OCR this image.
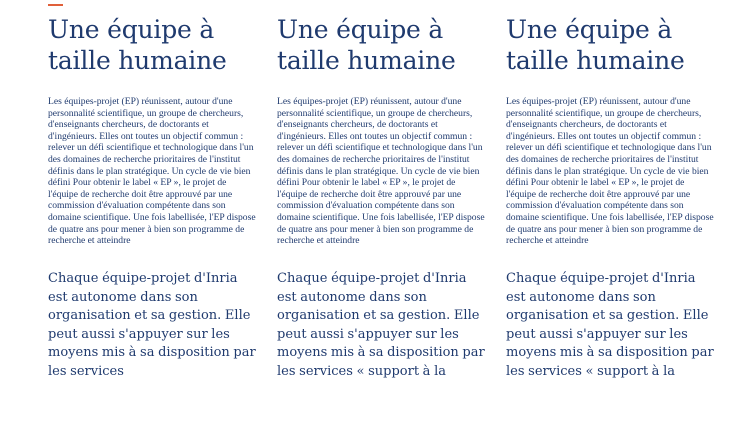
Une équipe à taille humaine

Les équipes-projet (EP) réunissent, autour d'une personnalité scientifique, un groupe de chercheurs, d'enseignants chercheurs, de doctorants et d'ingénieurs. Elles ont toutes un objectif commun : relever un défi scientifique et technologique dans l'un des domaines de recherche prioritaires de l'institut définis dans le plan stratégique. Un cycle de vie bien défini Pour obtenir le label « EP », le projet de l'équipe de recherche doit être approuvé par une commission d'évaluation compétente dans son domaine scientifique. Une fois labellisée, l'EP dispose de quatre ans pour mener à bien son programme de recherche et atteindre

Chaque équipe-projet d'Inria est autonome dans son organisation et sa gestion. Elle peut aussi s'appuyer sur les moyens mis à sa disposition par les services

Une équipe à taille humaine

Les équipes-projet (EP) réunissent, autour d'une personnalité scientifique, un groupe de chercheurs, d'enseignants chercheurs, de doctorants et d'ingénieurs. Elles ont toutes un objectif commun : relever un défi scientifique et technologique dans l'un des domaines de recherche prioritaires de l'institut définis dans le plan stratégique. Un cycle de vie bien défini Pour obtenir le label « EP », le projet de l'équipe de recherche doit être approuvé par une commission d'évaluation compétente dans son domaine scientifique. Une fois labellisée, l'EP dispose de quatre ans pour mener à bien son programme de recherche et atteindre

Chaque équipe-projet d'Inria est autonome dans son organisation et sa gestion. Elle peut aussi s'appuyer sur les moyens mis à sa disposition par les services « support à la

Une équipe à taille humaine

Les équipes-projet (EP) réunissent, autour d'une personnalité scientifique, un groupe de chercheurs, d'enseignants chercheurs, de doctorants et d'ingénieurs. Elles ont toutes un objectif commun : relever un défi scientifique et technologique dans l'un des domaines de recherche prioritaires de l'institut définis dans le plan stratégique. Un cycle de vie bien défini Pour obtenir le label « EP », le projet de l'équipe de recherche doit être approuvé par une commission d'évaluation compétente dans son domaine scientifique. Une fois labellisée, l'EP dispose de quatre ans pour mener à bien son programme de recherche et atteindre

Chaque équipe-projet d'Inria est autonome dans son organisation et sa gestion. Elle peut aussi s'appuyer sur les moyens mis à sa disposition par les services « support à la
